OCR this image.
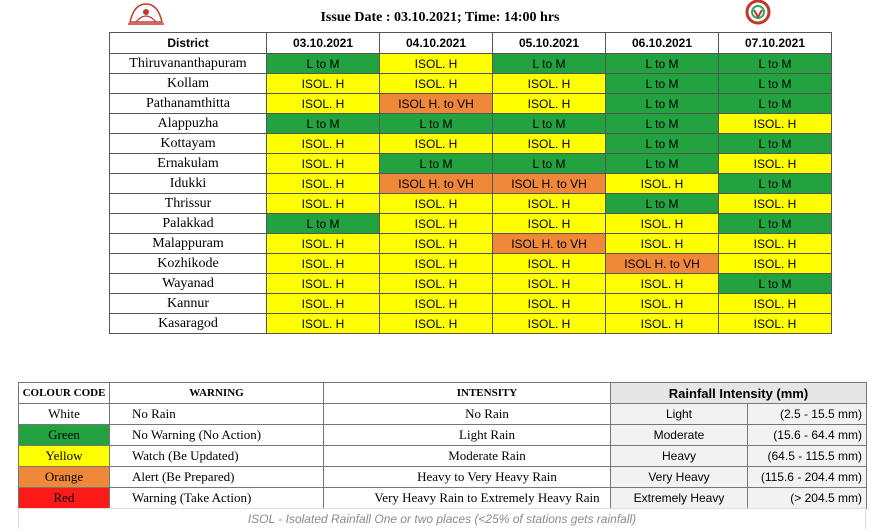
Issue Date : 03.10.2021; Time: 14:00 hrs
District	03.10.2021	04.10.2021	05.10.2021	06.10.2021	07.10.2021
Thiruvananthapuram	L to M	ISOL. H	L to M	L to M	L to M
Kollam	ISOL. H	ISOL. H	ISOL. H	L to M	L to M
Pathanamthitta	ISOL. H	ISOL H. to VH	ISOL. H	L to M	L to M
Alappuzha	L to M	L to M	L to M	L to M	ISOL. H
Kottayam	ISOL. H	ISOL. H	ISOL. H	L to M	L to M
Ernakulam	ISOL. H	L to M	L to M	L to M	ISOL. H
Idukki	ISOL. H	ISOL H. to VH	ISOL H. to VH	ISOL. H	L to M
Thrissur	ISOL. H	ISOL. H	ISOL. H	L to M	ISOL. H
Palakkad	L to M	ISOL. H	ISOL. H	ISOL. H	L to M
Malappuram	ISOL. H	ISOL. H	ISOL H. to VH	ISOL. H	ISOL. H
Kozhikode	ISOL. H	ISOL. H	ISOL. H	ISOL H. to VH	ISOL. H
Wayanad	ISOL. H	ISOL. H	ISOL. H	ISOL. H	L to M
Kannur	ISOL. H	ISOL. H	ISOL. H	ISOL. H	ISOL. H
Kasaragod	ISOL. H	ISOL. H	ISOL. H	ISOL. H	ISOL. H
COLOUR CODE	WARNING	INTENSITY
White	No Rain	No Rain
Green	No Warning (No Action)	Light Rain
Yellow	Watch (Be Updated)	Moderate Rain
Orange	Alert (Be Prepared)	Heavy to Very Heavy Rain
Red	Warning (Take Action)	Very Heavy Rain to Extremely Heavy Rain
Rainfall Intensity (mm)	
Light	(2.5 - 15.5 mm)
Moderate	(15.6 - 64.4 mm)
Heavy	(64.5 - 115.5 mm)
Very Heavy	(115.6 - 204.4 mm)
Extremely Heavy	(> 204.5 mm)
ISOL - Isolated Rainfall One or two places (<25% of stations gets rainfall)
